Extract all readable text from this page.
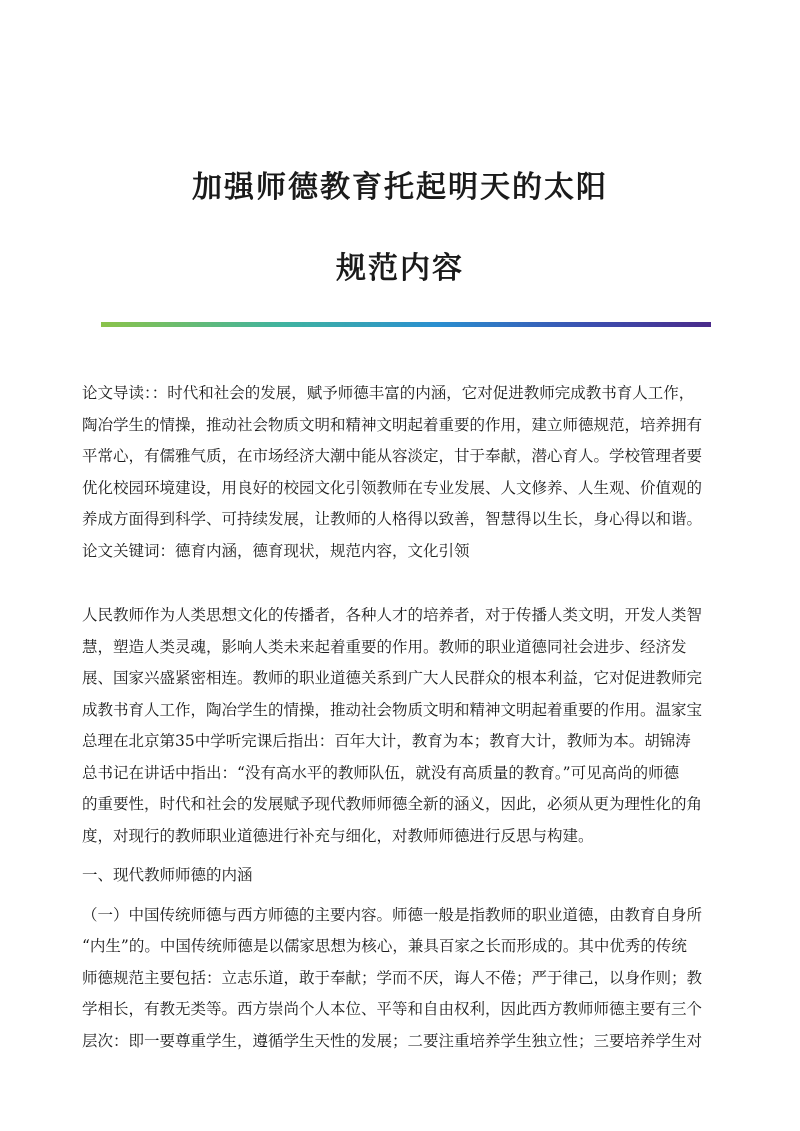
加强师德教育托起明天的太阳
规范内容
论文导读：：时代和社会的发展，赋予师德丰富的内涵，它对促进教师完成教书育人工作，
陶冶学生的情操，推动社会物质文明和精神文明起着重要的作用，建立师德规范，培养拥有
平常心，有儒雅气质，在市场经济大潮中能从容淡定，甘于奉献，潜心育人。学校管理者要
优化校园环境建设，用良好的校园文化引领教师在专业发展、人文修养、人生观、价值观的
养成方面得到科学、可持续发展，让教师的人格得以致善，智慧得以生长，身心得以和谐。
论文关键词：德育内涵，德育现状，规范内容，文化引领
人民教师作为人类思想文化的传播者，各种人才的培养者，对于传播人类文明，开发人类智
慧，塑造人类灵魂，影响人类未来起着重要的作用。教师的职业道德同社会进步、经济发
展、国家兴盛紧密相连。教师的职业道德关系到广大人民群众的根本利益，它对促进教师完
成教书育人工作，陶冶学生的情操，推动社会物质文明和精神文明起着重要的作用。温家宝
总理在北京第35中学听完课后指出：百年大计，教育为本；教育大计，教师为本。胡锦涛
总书记在讲话中指出：“没有高水平的教师队伍，就没有高质量的教育。”可见高尚的师德
的重要性，时代和社会的发展赋予现代教师师德全新的涵义，因此，必须从更为理性化的角
度，对现行的教师职业道德进行补充与细化，对教师师德进行反思与构建。
一、现代教师师德的内涵
（一）中国传统师德与西方师德的主要内容。师德一般是指教师的职业道德，由教育自身所
“内生”的。中国传统师德是以儒家思想为核心，兼具百家之长而形成的。其中优秀的传统
师德规范主要包括：立志乐道，敢于奉献；学而不厌，诲人不倦；严于律己，以身作则；教
学相长，有教无类等。西方崇尚个人本位、平等和自由权利，因此西方教师师德主要有三个
层次：即一要尊重学生，遵循学生天性的发展；二要注重培养学生独立性；三要培养学生对
